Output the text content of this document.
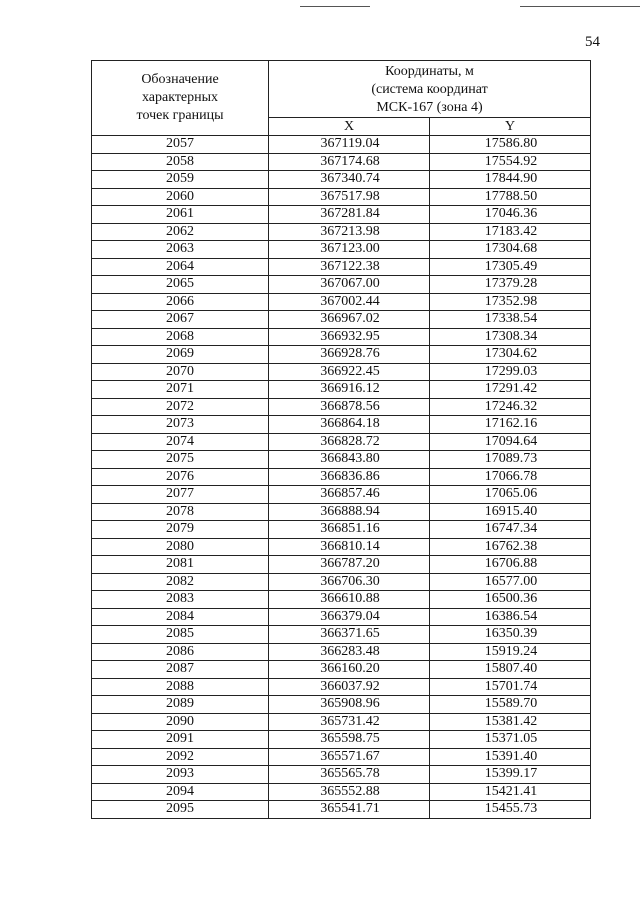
54
Обозначение
характерных
точек границы	Координаты, м
(система координат
МСК-167 (зона 4)	

	X	Y
2057	367119.04	17586.80
2058	367174.68	17554.92
2059	367340.74	17844.90
2060	367517.98	17788.50
2061	367281.84	17046.36
2062	367213.98	17183.42
2063	367123.00	17304.68
2064	367122.38	17305.49
2065	367067.00	17379.28
2066	367002.44	17352.98
2067	366967.02	17338.54
2068	366932.95	17308.34
2069	366928.76	17304.62
2070	366922.45	17299.03
2071	366916.12	17291.42
2072	366878.56	17246.32
2073	366864.18	17162.16
2074	366828.72	17094.64
2075	366843.80	17089.73
2076	366836.86	17066.78
2077	366857.46	17065.06
2078	366888.94	16915.40
2079	366851.16	16747.34
2080	366810.14	16762.38
2081	366787.20	16706.88
2082	366706.30	16577.00
2083	366610.88	16500.36
2084	366379.04	16386.54
2085	366371.65	16350.39
2086	366283.48	15919.24
2087	366160.20	15807.40
2088	366037.92	15701.74
2089	365908.96	15589.70
2090	365731.42	15381.42
2091	365598.75	15371.05
2092	365571.67	15391.40
2093	365565.78	15399.17
2094	365552.88	15421.41
2095	365541.71	15455.73
